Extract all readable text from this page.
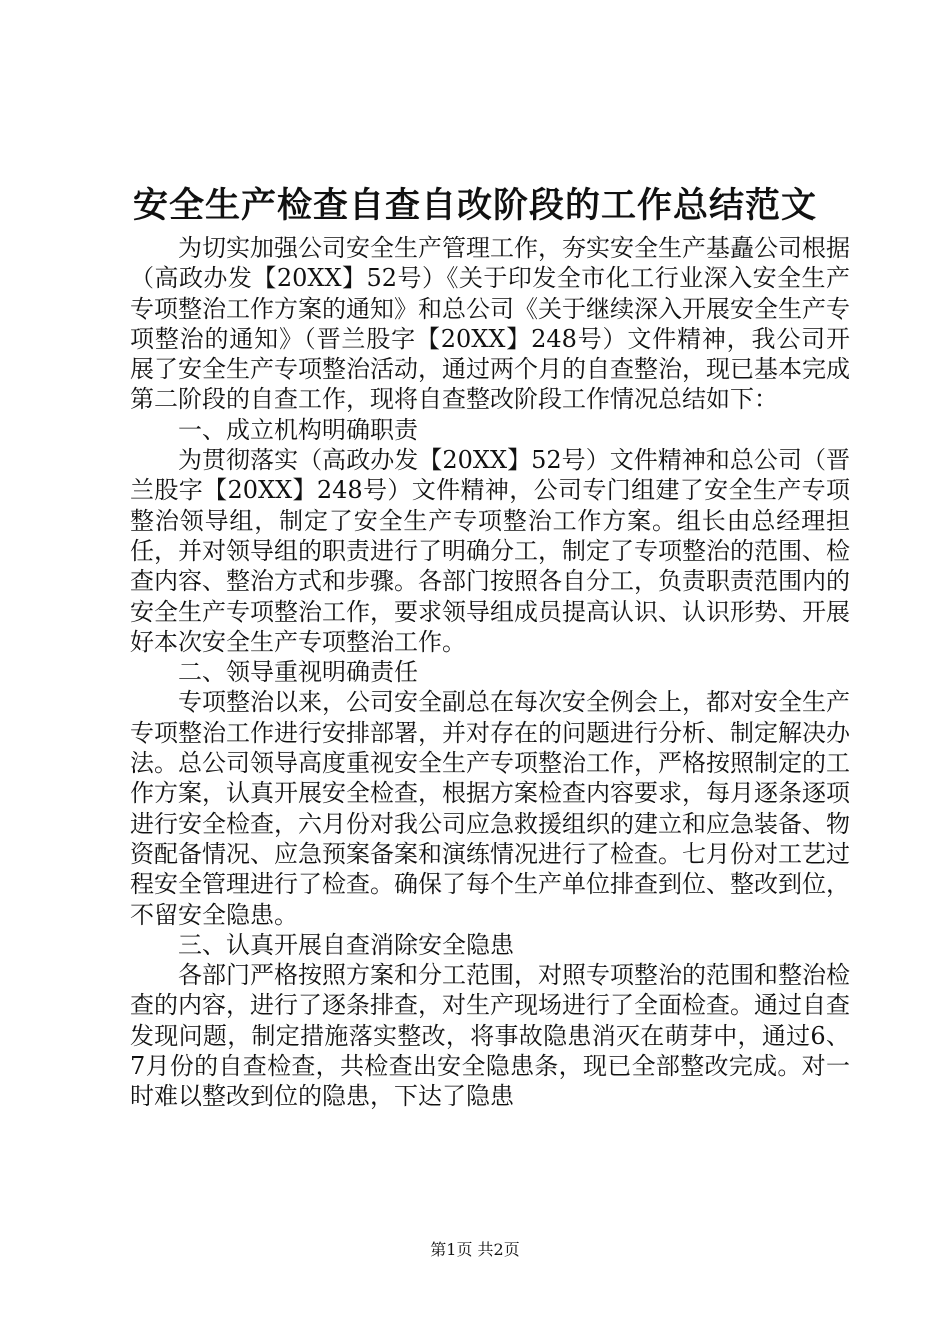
安全生产检查自查自改阶段的工作总结范文

为切实加强公司安全生产管理工作，夯实安全生产基矗公司根据（高政办发【20XX】52号）《关于印发全市化工行业深入安全生产专项整治工作方案的通知》和总公司《关于继续深入开展安全生产专项整治的通知》（晋兰股字【20XX】248号）文件精神，我公司开展了安全生产专项整治活动，通过两个月的自查整治，现已基本完成第二阶段的自查工作，现将自查整改阶段工作情况总结如下：

一、成立机构明确职责

为贯彻落实（高政办发【20XX】52号）文件精神和总公司（晋兰股字【20XX】248号）文件精神，公司专门组建了安全生产专项整治领导组，制定了安全生产专项整治工作方案。组长由总经理担任，并对领导组的职责进行了明确分工，制定了专项整治的范围、检查内容、整治方式和步骤。各部门按照各自分工，负责职责范围内的安全生产专项整治工作，要求领导组成员提高认识、认识形势、开展好本次安全生产专项整治工作。

二、领导重视明确责任

专项整治以来，公司安全副总在每次安全例会上，都对安全生产专项整治工作进行安排部署，并对存在的问题进行分析、制定解决办法。总公司领导高度重视安全生产专项整治工作，严格按照制定的工作方案，认真开展安全检查，根据方案检查内容要求，每月逐条逐项进行安全检查，六月份对我公司应急救援组织的建立和应急装备、物资配备情况、应急预案备案和演练情况进行了检查。七月份对工艺过程安全管理进行了检查。确保了每个生产单位排查到位、整改到位，不留安全隐患。

三、认真开展自查消除安全隐患

各部门严格按照方案和分工范围，对照专项整治的范围和整治检查的内容，进行了逐条排查，对生产现场进行了全面检查。通过自查发现问题，制定措施落实整改，将事故隐患消灭在萌芽中，通过6、7月份的自查检查，共检查出安全隐患条，现已全部整改完成。对一时难以整改到位的隐患，下达了隐患

第1页 共2页
